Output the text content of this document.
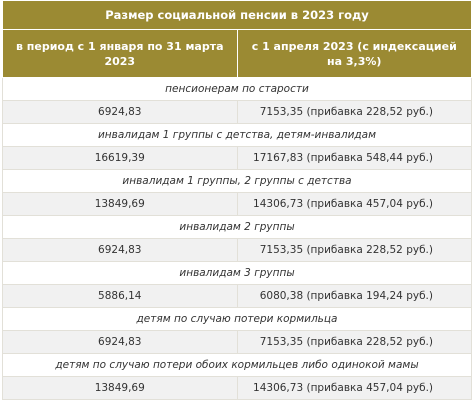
Размер социальной пенсии в 2023 году	
в период с 1 января по 31 марта 2023	с 1 апреля 2023 (с индексацией на 3,3%)
пенсионерам по старости	
6924,83	7153,35 (прибавка 228,52 руб.)
инвалидам 1 группы с детства, детям-инвалидам	
16619,39	17167,83 (прибавка 548,44 руб.)
инвалидам 1 группы, 2 группы с детства	
13849,69	14306,73 (прибавка 457,04 руб.)
инвалидам 2 группы	
6924,83	7153,35 (прибавка 228,52 руб.)
инвалидам 3 группы	
5886,14	6080,38 (прибавка 194,24 руб.)
детям по случаю потери кормильца	
6924,83	7153,35 (прибавка 228,52 руб.)
детям по случаю потери обоих кормильцев либо одинокой мамы	
13849,69	14306,73 (прибавка 457,04 руб.)
